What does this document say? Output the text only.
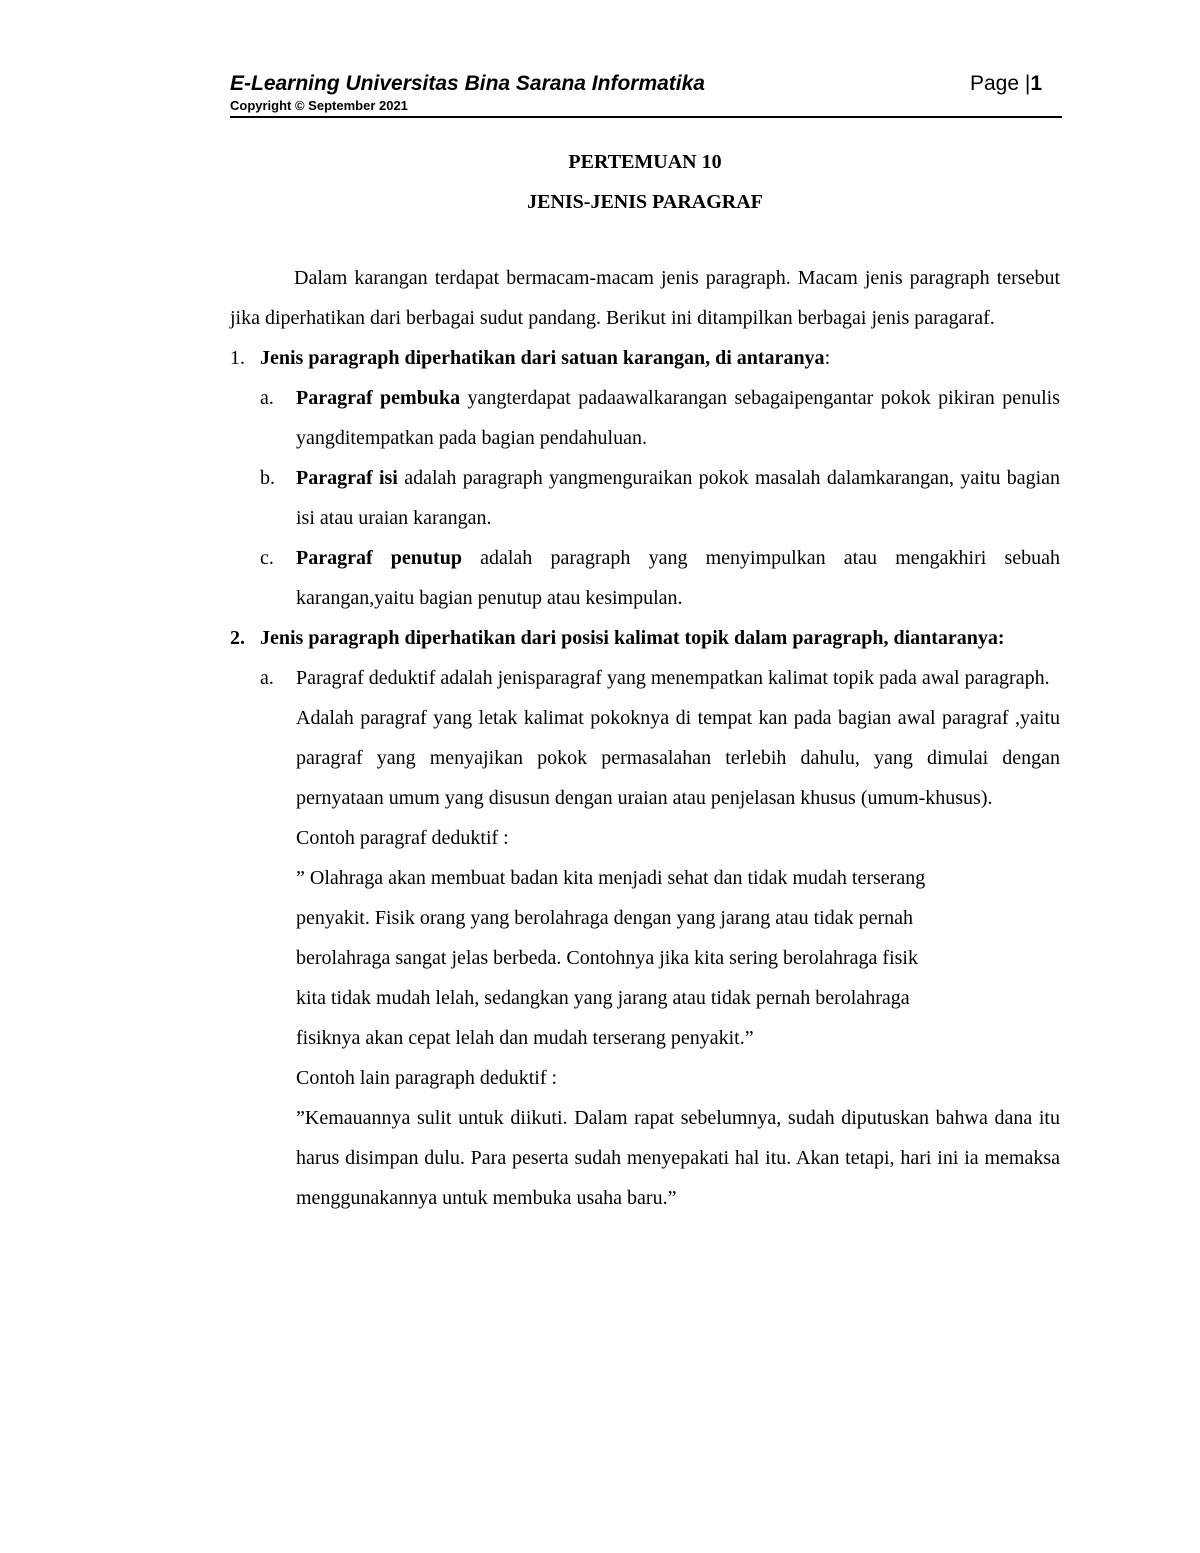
E-Learning Universitas Bina Sarana Informatika	Page |1
Copyright © September 2021

PERTEMUAN 10

JENIS-JENIS PARAGRAF

Dalam karangan terdapat bermacam-macam jenis paragraph. Macam jenis paragraph tersebut jika diperhatikan dari berbagai sudut pandang. Berikut ini ditampilkan berbagai jenis paragaraf.
1. Jenis paragraph diperhatikan dari satuan karangan, di antaranya:
a. Paragraf pembuka yangterdapat padaawalkarangan sebagaipengantar pokok pikiran penulis yangditempatkan pada bagian pendahuluan.
b. Paragraf isi adalah paragraph yangmenguraikan pokok masalah dalamkarangan, yaitu bagian isi atau uraian karangan.
c. Paragraf penutup adalah paragraph yang menyimpulkan atau mengakhiri sebuah karangan,yaitu bagian penutup atau kesimpulan.
2. Jenis paragraph diperhatikan dari posisi kalimat topik dalam paragraph, diantaranya:
a. Paragraf deduktif adalah jenisparagraf yang menempatkan kalimat topik pada awal paragraph.
Adalah paragraf yang letak kalimat pokoknya di tempat kan pada bagian awal paragraf ,yaitu paragraf yang menyajikan pokok permasalahan terlebih dahulu, yang dimulai dengan pernyataan umum yang disusun dengan uraian atau penjelasan khusus (umum-khusus).
Contoh paragraf deduktif :
” Olahraga akan membuat badan kita menjadi sehat dan tidak mudah terserang
penyakit. Fisik orang yang berolahraga dengan yang jarang atau tidak pernah
berolahraga sangat jelas berbeda. Contohnya jika kita sering berolahraga fisik
kita tidak mudah lelah, sedangkan yang jarang atau tidak pernah berolahraga
fisiknya akan cepat lelah dan mudah terserang penyakit.”
Contoh lain paragraph deduktif :
”Kemauannya sulit untuk diikuti. Dalam rapat sebelumnya, sudah diputuskan bahwa dana itu harus disimpan dulu. Para peserta sudah menyepakati hal itu. Akan tetapi, hari ini ia memaksa menggunakannya untuk membuka usaha baru.”
